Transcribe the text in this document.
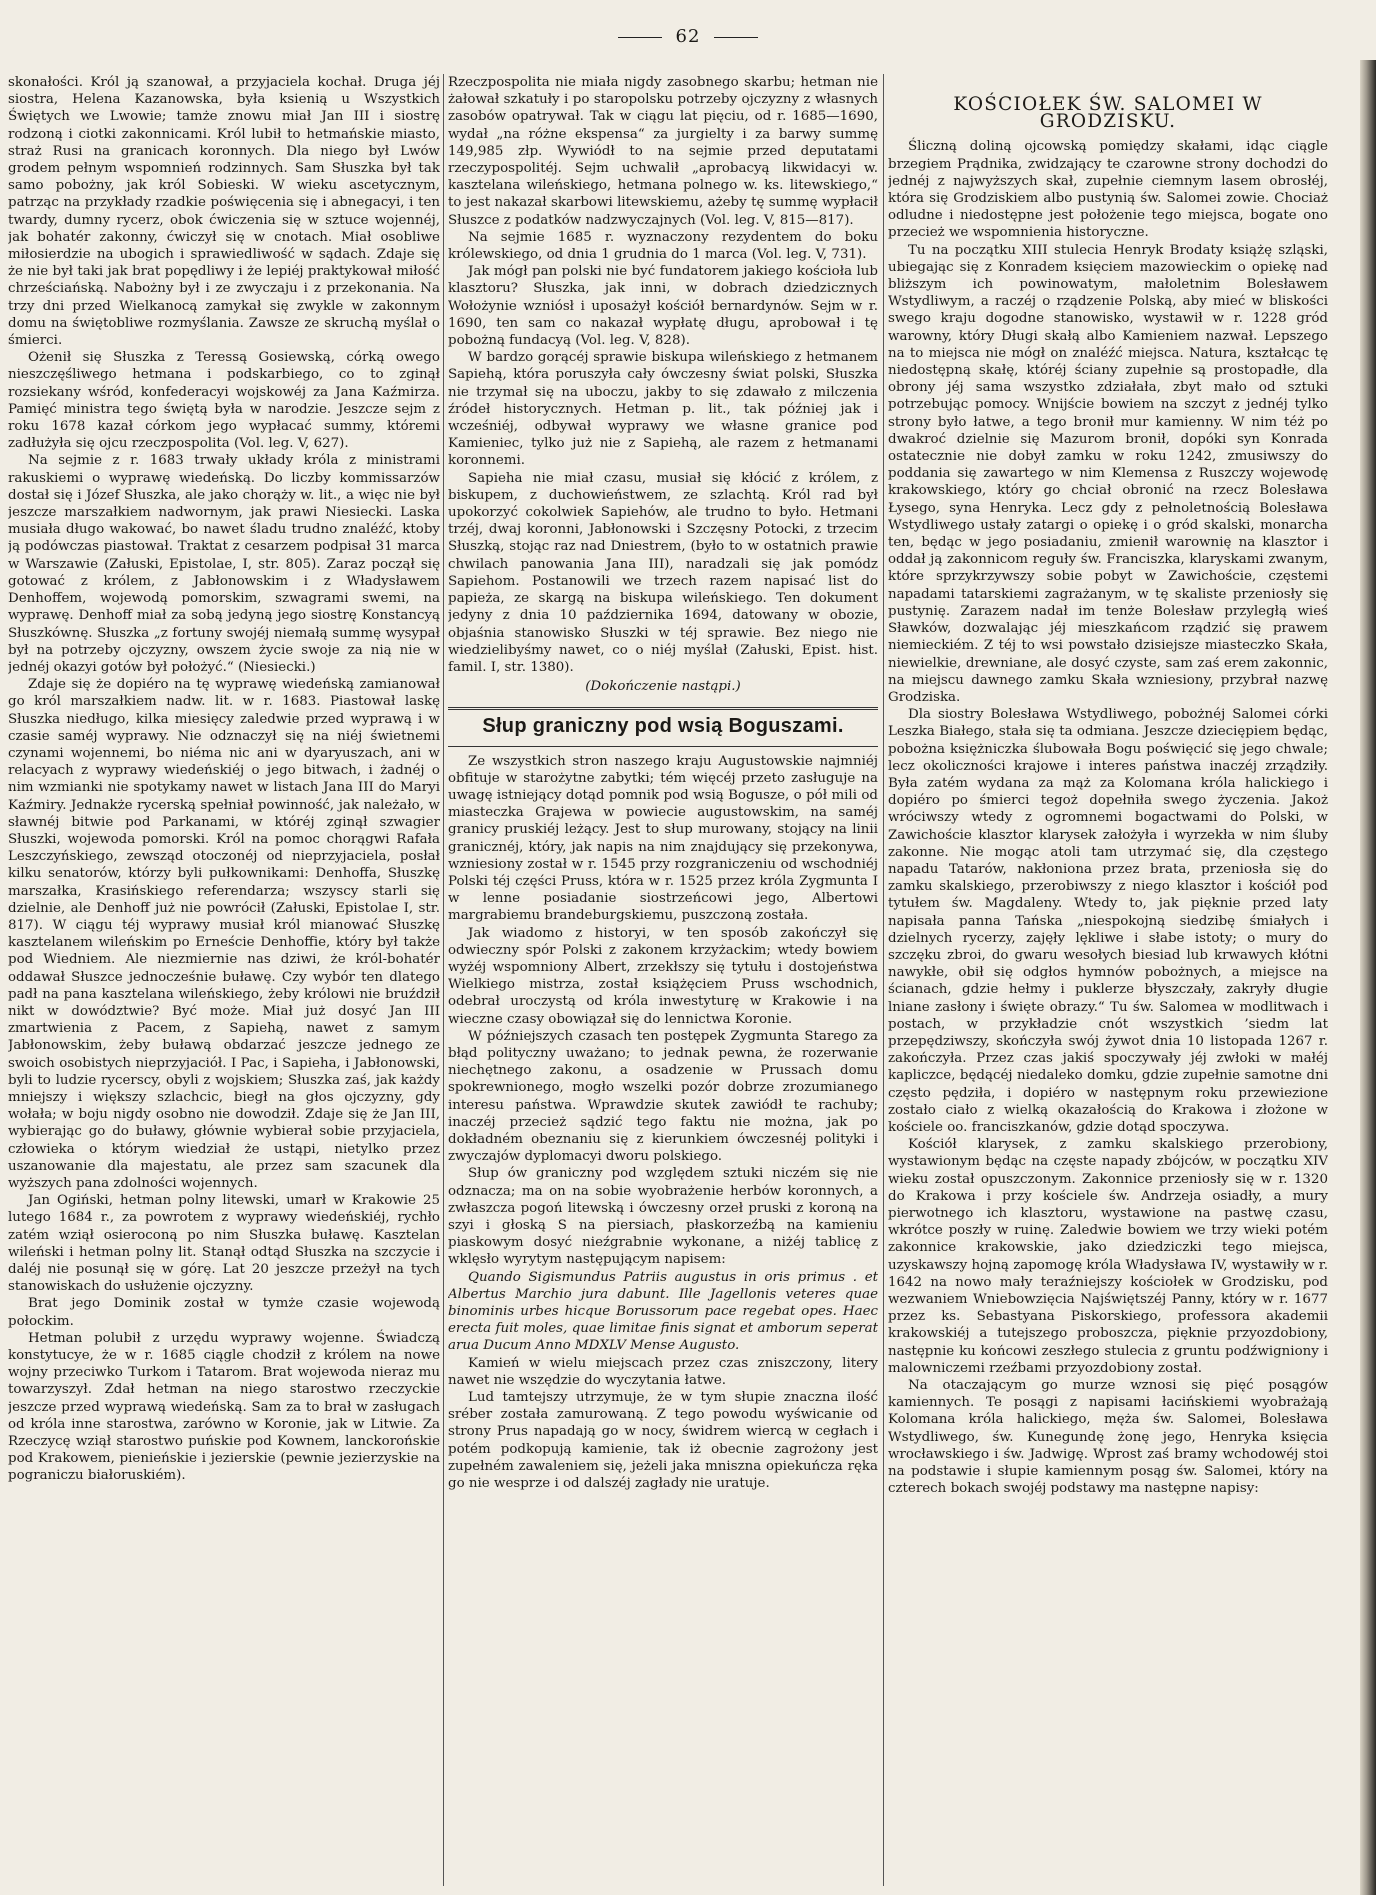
62

skonałości. Król ją szanował, a przyjaciela kochał. Druga jéj siostra, Helena Kazanowska, była ksienią u Wszystkich Świętych we Lwowie; tamże znowu miał Jan III i siostrę rodzoną i ciotki zakonnicami. Król lubił to hetmańskie miasto, straż Rusi na granicach koronnych. Dla niego był Lwów grodem pełnym wspomnień rodzinnych. Sam Słuszka był tak samo pobożny, jak król Sobieski. W wieku ascetycznym, patrząc na przykłady rzadkie poświęcenia się i abnegacyi, i ten twardy, dumny rycerz, obok ćwiczenia się w sztuce wojennéj, jak bohatér zakonny, ćwiczył się w cnotach. Miał osobliwe miłosierdzie na ubogich i sprawiedliwość w sądach. Zdaje się że nie był taki jak brat popędliwy i że lepiéj praktykował miłość chrześciańską. Nabożny był i ze zwyczaju i z przekonania. Na trzy dni przed Wielkanocą zamykał się zwykle w zakonnym domu na świętobliwe rozmyślania. Zawsze ze skruchą myślał o śmierci.

Ożenił się Słuszka z Teressą Gosiewską, córką owego nieszczęśliwego hetmana i podskarbiego, co to zginął rozsiekany wśród, konfederacyi wojskowéj za Jana Kaźmirza. Pamięć ministra tego świętą była w narodzie. Jeszcze sejm z roku 1678 kazał córkom jego wypłacać summy, któremi zadłużyła się ojcu rzeczpospolita (Vol. leg. V, 627).

Na sejmie z r. 1683 trwały układy króla z ministrami rakuskiemi o wyprawę wiedeńską. Do liczby kommissarzów dostał się i Józef Słuszka, ale jako chorąży w. lit., a więc nie był jeszcze marszałkiem nadwornym, jak prawi Niesiecki. Laska musiała długo wakować, bo nawet śladu trudno znaléźć, ktoby ją podówczas piastował. Traktat z cesarzem podpisał 31 marca w Warszawie (Załuski, Epistolae, I, str. 805). Zaraz począł się gotować z królem, z Jabłonowskim i z Władysławem Denhoffem, wojewodą pomorskim, szwagrami swemi, na wyprawę. Denhoff miał za sobą jedyną jego siostrę Konstancyą Słuszkównę. Słuszka „z fortuny swojéj niemałą summę wysypał był na potrzeby ojczyzny, owszem życie swoje za nią nie w jednéj okazyi gotów był położyć.“ (Niesiecki.)

Zdaje się że dopiéro na tę wyprawę wiedeńską zamianował go król marszałkiem nadw. lit. w r. 1683. Piastował laskę Słuszka niedługo, kilka miesięcy zaledwie przed wyprawą i w czasie saméj wyprawy. Nie odznaczył się na niéj świetnemi czynami wojennemi, bo niéma nic ani w dyaryuszach, ani w relacyach z wyprawy wiedeńskiéj o jego bitwach, i żadnéj o nim wzmianki nie spotykamy nawet w listach Jana III do Maryi Kaźmiry. Jednakże rycerską spełniał powinność, jak należało, w sławnéj bitwie pod Parkanami, w któréj zginął szwagier Słuszki, wojewoda pomorski. Król na pomoc chorągwi Rafała Leszczyńskiego, zewsząd otoczonéj od nieprzyjaciela, posłał kilku senatorów, którzy byli pułkownikami: Denhoffa, Słuszkę marszałka, Krasińskiego referendarza; wszyscy starli się dzielnie, ale Denhoff już nie powrócił (Załuski, Epistolae I, str. 817). W ciągu téj wyprawy musiał król mianować Słuszkę kasztelanem wileńskim po Erneście Denhoffie, który był także pod Wiedniem. Ale niezmiernie nas dziwi, że król-bohatér oddawał Słuszce jednocześnie buławę. Czy wybór ten dlatego padł na pana kasztelana wileńskiego, żeby królowi nie bruździł nikt w dowództwie? Być może. Miał już dosyć Jan III zmartwienia z Pacem, z Sapiehą, nawet z samym Jabłonowskim, żeby buławą obdarzać jeszcze jednego ze swoich osobistych nieprzyjaciół. I Pac, i Sapieha, i Jabłonowski, byli to ludzie rycerscy, obyli z wojskiem; Słuszka zaś, jak każdy mniejszy i większy szlachcic, biegł na głos ojczyzny, gdy wołała; w boju nigdy osobno nie dowodził. Zdaje się że Jan III, wybierając go do buławy, głównie wybierał sobie przyjaciela, człowieka o którym wiedział że ustąpi, nietylko przez uszanowanie dla majestatu, ale przez sam szacunek dla wyższych pana zdolności wojennych.

Jan Ogiński, hetman polny litewski, umarł w Krakowie 25 lutego 1684 r., za powrotem z wyprawy wiedeńskiéj, rychło zatém wziął osieroconą po nim Słuszka buławę. Kasztelan wileński i hetman polny lit. Stanął odtąd Słuszka na szczycie i daléj nie posunął się w górę. Lat 20 jeszcze przeżył na tych stanowiskach do usłużenie ojczyzny.

Brat jego Dominik został w tymże czasie wojewodą połockim.

Hetman polubił z urzędu wyprawy wojenne. Świadczą konstytucye, że w r. 1685 ciągle chodził z królem na nowe wojny przeciwko Turkom i Tatarom. Brat wojewoda nieraz mu towarzyszył. Zdał hetman na niego starostwo rzeczyckie jeszcze przed wyprawą wiedeńską. Sam za to brał w zasługach od króla inne starostwa, zarówno w Koronie, jak w Litwie. Za Rzeczycę wziął starostwo puńskie pod Kownem, lanckorońskie pod Krakowem, pienieńskie i jezierskie (pewnie jezierzyskie na pograniczu białoruskiém).

Rzeczpospolita nie miała nigdy zasobnego skarbu; hetman nie żałował szkatuły i po staropolsku potrzeby ojczyzny z własnych zasobów opatrywał. Tak w ciągu lat pięciu, od r. 1685—1690, wydał „na różne ekspensa“ za jurgielty i za barwy summę 149,985 złp. Wywiódł to na sejmie przed deputatami rzeczypospolitéj. Sejm uchwalił „aprobacyą likwidacyi w. kasztelana wileńskiego, hetmana polnego w. ks. litewskiego,“ to jest nakazał skarbowi litewskiemu, ażeby tę summę wypłacił Słuszce z podatków nadzwyczajnych (Vol. leg. V, 815—817).

Na sejmie 1685 r. wyznaczony rezydentem do boku królewskiego, od dnia 1 grudnia do 1 marca (Vol. leg. V, 731).

Jak mógł pan polski nie być fundatorem jakiego kościoła lub klasztoru? Słuszka, jak inni, w dobrach dziedzicznych Wołożynie wzniósł i uposażył kościół bernardynów. Sejm w r. 1690, ten sam co nakazał wypłatę długu, aprobował i tę pobożną fundacyą (Vol. leg. V, 828).

W bardzo gorącéj sprawie biskupa wileńskiego z hetmanem Sapiehą, która poruszyła cały ówczesny świat polski, Słuszka nie trzymał się na uboczu, jakby to się zdawało z milczenia źródeł historycznych. Hetman p. lit., tak później jak i wcześniéj, odbywał wyprawy we własne granice pod Kamieniec, tylko już nie z Sapiehą, ale razem z hetmanami koronnemi.

Sapieha nie miał czasu, musiał się kłócić z królem, z biskupem, z duchowieństwem, ze szlachtą. Król rad był upokorzyć cokolwiek Sapiehów, ale trudno to było. Hetmani trzéj, dwaj koronni, Jabłonowski i Szczęsny Potocki, z trzecim Słuszką, stojąc raz nad Dniestrem, (było to w ostatnich prawie chwilach panowania Jana III), naradzali się jak pomódz Sapiehom. Postanowili we trzech razem napisać list do papieża, ze skargą na biskupa wileńskiego. Ten dokument jedyny z dnia 10 października 1694, datowany w obozie, objaśnia stanowisko Słuszki w téj sprawie. Bez niego nie wiedzielibyśmy nawet, co o niéj myślał (Załuski, Epist. hist. famil. I, str. 1380).

(Dokończenie nastąpi.)
Słup graniczny pod wsią Boguszami.

Ze wszystkich stron naszego kraju Augustowskie najmniéj obfituje w starożytne zabytki; tém więcéj przeto zasługuje na uwagę istniejący dotąd pomnik pod wsią Bogusze, o pół mili od miasteczka Grajewa w powiecie augustowskim, na saméj granicy pruskiéj leżący. Jest to słup murowany, stojący na linii granicznéj, który, jak napis na nim znajdujący się przekonywa, wzniesiony został w r. 1545 przy rozgraniczeniu od wschodniéj Polski téj części Pruss, która w r. 1525 przez króla Zygmunta I w lenne posiadanie siostrzeńcowi jego, Albertowi margrabiemu brandeburgskiemu, puszczoną została.

Jak wiadomo z historyi, w ten sposób zakończył się odwieczny spór Polski z zakonem krzyżackim; wtedy bowiem wyżéj wspomniony Albert, zrzekłszy się tytułu i dostojeństwa Wielkiego mistrza, został książęciem Pruss wschodnich, odebrał uroczystą od króla inwestyturę w Krakowie i na wieczne czasy obowiązał się do lennictwa Koronie.

W późniejszych czasach ten postępek Zygmunta Starego za błąd polityczny uważano; to jednak pewna, że rozerwanie niechętnego zakonu, a osadzenie w Prussach domu spokrewnionego, mogło wszelki pozór dobrze zrozumianego interesu państwa. Wprawdzie skutek zawiódł te rachuby; inaczéj przecież sądzić tego faktu nie można, jak po dokładném obeznaniu się z kierunkiem ówczesnéj polityki i zwyczajów dyplomacyi dworu polskiego.

Słup ów graniczny pod względem sztuki niczém się nie odznacza; ma on na sobie wyobrażenie herbów koronnych, a zwłaszcza pogoń litewską i ówczesny orzeł pruski z koroną na szyi i głoską S na piersiach, płaskorzeźbą na kamieniu piaskowym dosyć nieźgrabnie wykonane, a niżéj tablicę z wklęsło wyrytym następującym napisem:

Quando Sigismundus Patriis augustus in oris primus . et Albertus Marchio jura dabunt. Ille Jagellonis veteres quae binominis urbes hicque Borussorum pace regebat opes. Haec erecta fuit moles, quae limitae finis signat et amborum seperat arua Ducum Anno MDXLV Mense Augusto.

Kamień w wielu miejscach przez czas zniszczony, litery nawet nie wszędzie do wyczytania łatwe.

Lud tamtejszy utrzymuje, że w tym słupie znaczna ilość sréber została zamurowaną. Z tego powodu wyświcanie od strony Prus napadają go w nocy, świdrem wiercą w cegłach i potém podkopują kamienie, tak iż obecnie zagrożony jest zupełném zawaleniem się, jeżeli jaka mniszna opiekuńcza ręka go nie wesprze i od dalszéj zagłady nie uratuje.

KOŚCIOŁEK ŚW. SALOMEI W GRODZISKU.

Śliczną doliną ojcowską pomiędzy skałami, idąc ciągle brzegiem Prądnika, zwidzający te czarowne strony dochodzi do jednéj z najwyższych skał, zupełnie ciemnym lasem obrosłéj, która się Grodziskiem albo pustynią św. Salomei zowie. Chociaż odludne i niedostępne jest położenie tego miejsca, bogate ono przecież we wspomnienia historyczne.

Tu na początku XIII stulecia Henryk Brodaty książę szląski, ubiegając się z Konradem księciem mazowieckim o opiekę nad bliższym ich powinowatym, małoletnim Bolesławem Wstydliwym, a raczéj o rządzenie Polską, aby mieć w bliskości swego kraju dogodne stanowisko, wystawił w r. 1228 gród warowny, który Długi skałą albo Kamieniem nazwał. Lepszego na to miejsca nie mógł on znaléźć miejsca. Natura, kształcąc tę niedostępną skałę, któréj ściany zupełnie są prostopadłe, dla obrony jéj sama wszystko zdziałała, zbyt mało od sztuki potrzebując pomocy. Wnijście bowiem na szczyt z jednéj tylko strony było łatwe, a tego bronił mur kamienny. W nim téż po dwakroć dzielnie się Mazurom bronił, dopóki syn Konrada ostatecznie nie dobył zamku w roku 1242, zmusiwszy do poddania się zawartego w nim Klemensa z Ruszczy wojewodę krakowskiego, który go chciał obronić na rzecz Bolesława Łysego, syna Henryka. Lecz gdy z pełnoletnością Bolesława Wstydliwego ustały zatargi o opiekę i o gród skalski, monarcha ten, będąc w jego posiadaniu, zmienił warownię na klasztor i oddał ją zakonnicom reguły św. Franciszka, klaryskami zwanym, które sprzykrzywszy sobie pobyt w Zawichoście, częstemi napadami tatarskiemi zagrażanym, w tę skaliste przeniosły się pustynię. Zarazem nadał im tenże Bolesław przyległą wieś Sławków, dozwalając jéj mieszkańcom rządzić się prawem niemieckiém. Z téj to wsi powstało dzisiejsze miasteczko Skała, niewielkie, drewniane, ale dosyć czyste, sam zaś erem zakonnic, na miejscu dawnego zamku Skała wzniesiony, przybrał nazwę Grodziska.

Dla siostry Bolesława Wstydliwego, pobożnéj Salomei córki Leszka Białego, stała się ta odmiana. Jeszcze dzieciępiem będąc, pobożna księżniczka ślubowała Bogu poświęcić się jego chwale; lecz okoliczności krajowe i interes państwa inaczéj zrządziły. Była zatém wydana za mąż za Kolomana króla halickiego i dopiéro po śmierci tegoż dopełniła swego życzenia. Jakoż wróciwszy wtedy z ogromnemi bogactwami do Polski, w Zawichoście klasztor klarysek założyła i wyrzekła w nim śluby zakonne. Nie mogąc atoli tam utrzymać się, dla częstego napadu Tatarów, nakłoniona przez brata, przeniosła się do zamku skalskiego, przerobiwszy z niego klasztor i kościół pod tytułem św. Magdaleny. Wtedy to, jak pięknie przed laty napisała panna Tańska „niespokojną siedzibę śmiałych i dzielnych rycerzy, zajęły lękliwe i słabe istoty; o mury do szczęku zbroi, do gwaru wesołych biesiad lub krwawych kłótni nawykłe, obił się odgłos hymnów pobożnych, a miejsce na ścianach, gdzie hełmy i puklerze błyszczały, zakryły długie lniane zasłony i święte obrazy.“ Tu św. Salomea w modlitwach i postach, w przykładzie cnót wszystkich ’siedm lat przepędziwszy, skończyła swój żywot dnia 10 listopada 1267 r. zakończyła. Przez czas jakiś spoczywały jéj zwłoki w małéj kapliczce, będącéj niedaleko domku, gdzie zupełnie samotne dni często pędziła, i dopiéro w następnym roku przewiezione zostało ciało z wielką okazałością do Krakowa i złożone w kościele oo. franciszkanów, gdzie dotąd spoczywa.

Kościół klarysek, z zamku skalskiego przerobiony, wystawionym będąc na częste napady zbójców, w początku XIV wieku został opuszczonym. Zakonnice przeniosły się w r. 1320 do Krakowa i przy kościele św. Andrzeja osiadły, a mury pierwotnego ich klasztoru, wystawione na pastwę czasu, wkrótce poszły w ruinę. Zaledwie bowiem we trzy wieki potém zakonnice krakowskie, jako dziedziczki tego miejsca, uzyskawszy hojną zapomogę króla Władysława IV, wystawiły w r. 1642 na nowo mały teraźniejszy kościołek w Grodzisku, pod wezwaniem Wniebowzięcia Najświętszéj Panny, który w r. 1677 przez ks. Sebastyana Piskorskiego, professora akademii krakowskiéj a tutejszego proboszcza, pięknie przyozdobiony, następnie ku końcowi zeszłego stulecia z gruntu podźwigniony i malowniczemi rzeźbami przyozdobiony został.

Na otaczającym go murze wznosi się pięć posągów kamiennych. Te posągi z napisami łacińskiemi wyobrażają Kolomana króla halickiego, męża św. Salomei, Bolesława Wstydliwego, św. Kunegundę żonę jego, Henryka księcia wrocławskiego i św. Jadwigę. Wprost zaś bramy wchodowéj stoi na podstawie i słupie kamiennym posąg św. Salomei, który na czterech bokach swojéj podstawy ma następne napisy:
